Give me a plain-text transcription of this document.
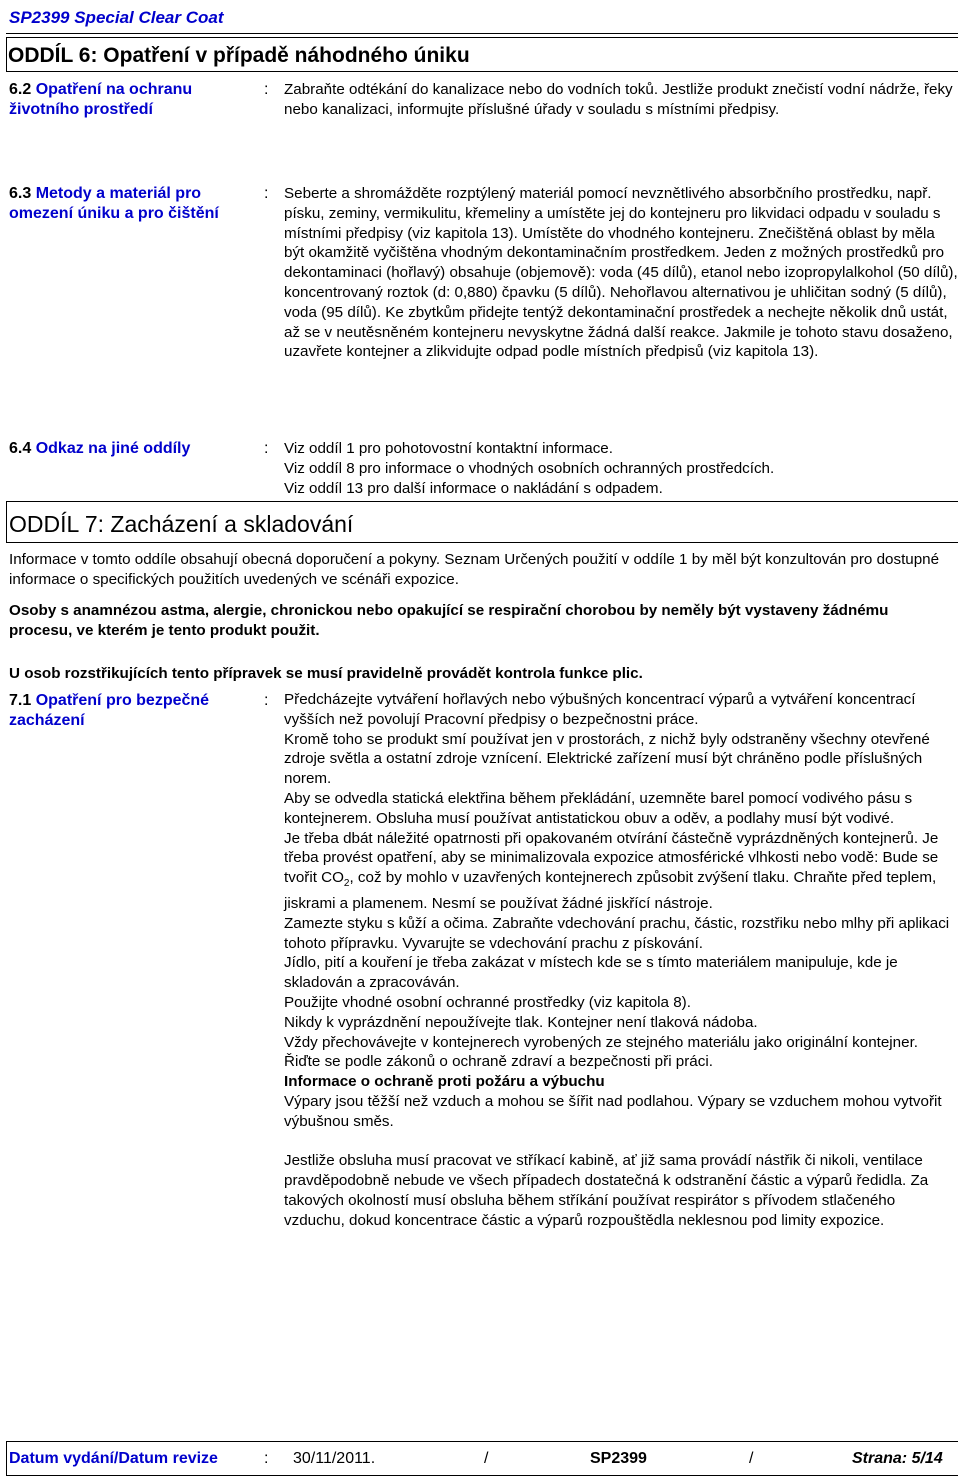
SP2399 Special Clear Coat
ODDÍL 6: Opatření v případě náhodného úniku
6.2 Opatření na ochranu životního prostředí
: Zabraňte odtékání do kanalizace nebo do vodních toků. Jestliže produkt znečistí vodní nádrže, řeky nebo kanalizaci, informujte příslušné úřady v souladu s místními předpisy.
6.3 Metody a materiál pro omezení úniku a pro čištění
: Seberte a shromážděte rozptýlený materiál pomocí nevznětlivého absorbčního prostředku, např. písku, zeminy, vermikulitu, křemeliny a umístěte jej do kontejneru pro likvidaci odpadu v souladu s místními předpisy (viz kapitola 13). Umístěte do vhodného kontejneru. Znečištěná oblast by měla být okamžitě vyčištěna vhodným dekontaminačním prostředkem. Jeden z možných prostředků pro dekontaminaci (hořlavý) obsahuje (objemově): voda (45 dílů), etanol nebo izopropylalkohol (50 dílů), koncentrovaný roztok (d: 0,880) čpavku (5 dílů). Nehořlavou alternativou je uhličitan sodný (5 dílů), voda (95 dílů). Ke zbytkům přidejte tentýž dekontaminační prostředek a nechejte několik dnů ustát, až se v neutěsněném kontejneru nevyskytne žádná další reakce. Jakmile je tohoto stavu dosaženo, uzavřete kontejner a zlikvidujte odpad podle místních předpisů (viz kapitola 13).
6.4 Odkaz na jiné oddíly	: Viz oddíl 1 pro pohotovostní kontaktní informace.

Viz oddíl 8 pro informace o vhodných osobních ochranných prostředcích.

Viz oddíl 13 pro další informace o nakládání s odpadem.

ODDÍL 7: Zacházení a skladování
Informace v tomto oddíle obsahují obecná doporučení a pokyny. Seznam Určených použití v oddíle 1 by měl být konzultován pro dostupné informace o specifických použitích uvedených ve scénáři expozice.
Osoby s anamnézou astma, alergie, chronickou nebo opakující se respirační chorobou by neměly být vystaveny žádnému procesu, ve kterém je tento produkt použit.
U osob rozstřikujících tento přípravek se musí pravidelně provádět kontrola funkce plic.
7.1 Opatření pro bezpečné zacházení
: Předcházejte vytváření hořlavých nebo výbušných koncentrací výparů a vytváření koncentrací vyšších než povolují Pracovní předpisy o bezpečnostni práce.

Kromě toho se produkt smí používat jen v prostorách, z nichž byly odstraněny všechny otevřené zdroje světla a ostatní zdroje vznícení. Elektrické zařízení musí být chráněno podle příslušných norem.

Aby se odvedla statická elektřina během překládání, uzemněte barel pomocí vodivého pásu s kontejnerem. Obsluha musí používat antistatickou obuv a oděv, a podlahy musí být vodivé.

Je třeba dbát náležité opatrnosti při opakovaném otvírání částečně vyprázdněných kontejnerů. Je třeba provést opatření, aby se minimalizovala expozice atmosférické vlhkosti nebo vodě: Bude se tvořit $CO_2$, což by mohlo v uzavřených kontejnerech způsobit zvýšení tlaku. Chraňte před teplem, jiskrami a plamenem. Nesmí se používat žádné jiskřící nástroje.

Zamezte styku s kůží a očima. Zabraňte vdechování prachu, částic, rozstřiku nebo mlhy při aplikaci tohoto přípravku. Vyvarujte se vdechování prachu z pískování.

Jídlo, pití a kouření je třeba zakázat v místech kde se s tímto materiálem manipuluje, kde je skladován a zpracováván.

Použijte vhodné osobní ochranné prostředky (viz kapitola 8).

Nikdy k vyprázdnění nepoužívejte tlak. Kontejner není tlaková nádoba.

Vždy přechovávejte v kontejnerech vyrobených ze stejného materiálu jako originální kontejner.

Řiďte se podle zákonů o ochraně zdraví a bezpečnosti při práci.

Informace o ochraně proti požáru a výbuchu

Výpary jsou těžší než vzduch a mohou se šířit nad podlahou. Výpary se vzduchem mohou vytvořit výbušnou směs.

Jestliže obsluha musí pracovat ve stříkací kabině, ať již sama provádí nástřik či nikoli, ventilace pravděpodobně nebude ve všech případech dostatečná k odstranění částic a výparů ředidla. Za takových okolností musí obsluha během stříkání používat respirátor s přívodem stlačeného vzduchu, dokud koncentrace částic a výparů rozpouštědla neklesnou pod limity expozice.

Datum vydání/Datum revize	: 30/11/2011.	/	SP2399	/	Strana: 5/14
